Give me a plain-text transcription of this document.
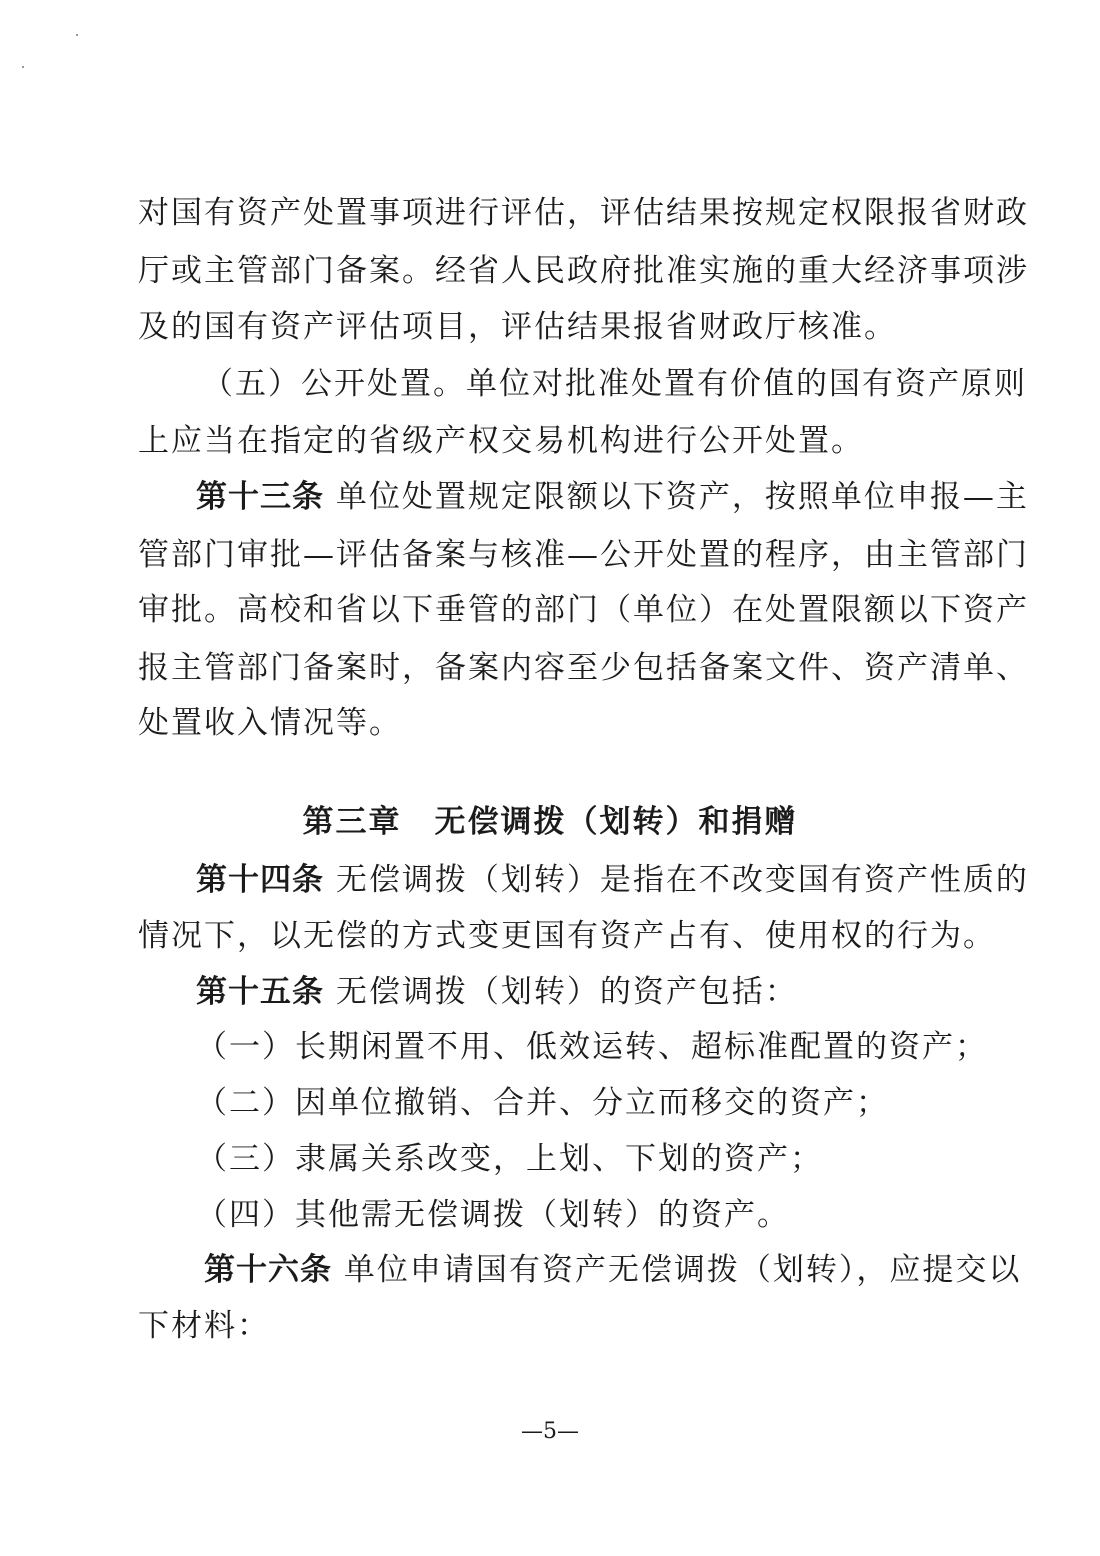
对国有资产处置事项进行评估，评估结果按规定权限报省财政
厅或主管部门备案。经省人民政府批准实施的重大经济事项涉
及的国有资产评估项目，评估结果报省财政厅核准。
（五）公开处置。单位对批准处置有价值的国有资产原则
上应当在指定的省级产权交易机构进行公开处置。
第十三条 单位处置规定限额以下资产，按照单位申报—主
管部门审批—评估备案与核准—公开处置的程序，由主管部门
审批。高校和省以下垂管的部门（单位）在处置限额以下资产
报主管部门备案时，备案内容至少包括备案文件、资产清单、
处置收入情况等。
第三章　无偿调拨（划转）和捐赠
第十四条 无偿调拨（划转）是指在不改变国有资产性质的
情况下，以无偿的方式变更国有资产占有、使用权的行为。
第十五条 无偿调拨（划转）的资产包括：
（一）长期闲置不用、低效运转、超标准配置的资产；
（二）因单位撤销、合并、分立而移交的资产；
（三）隶属关系改变，上划、下划的资产；
（四）其他需无偿调拨（划转）的资产。
第十六条 单位申请国有资产无偿调拨（划转），应提交以
下材料：
—5—
